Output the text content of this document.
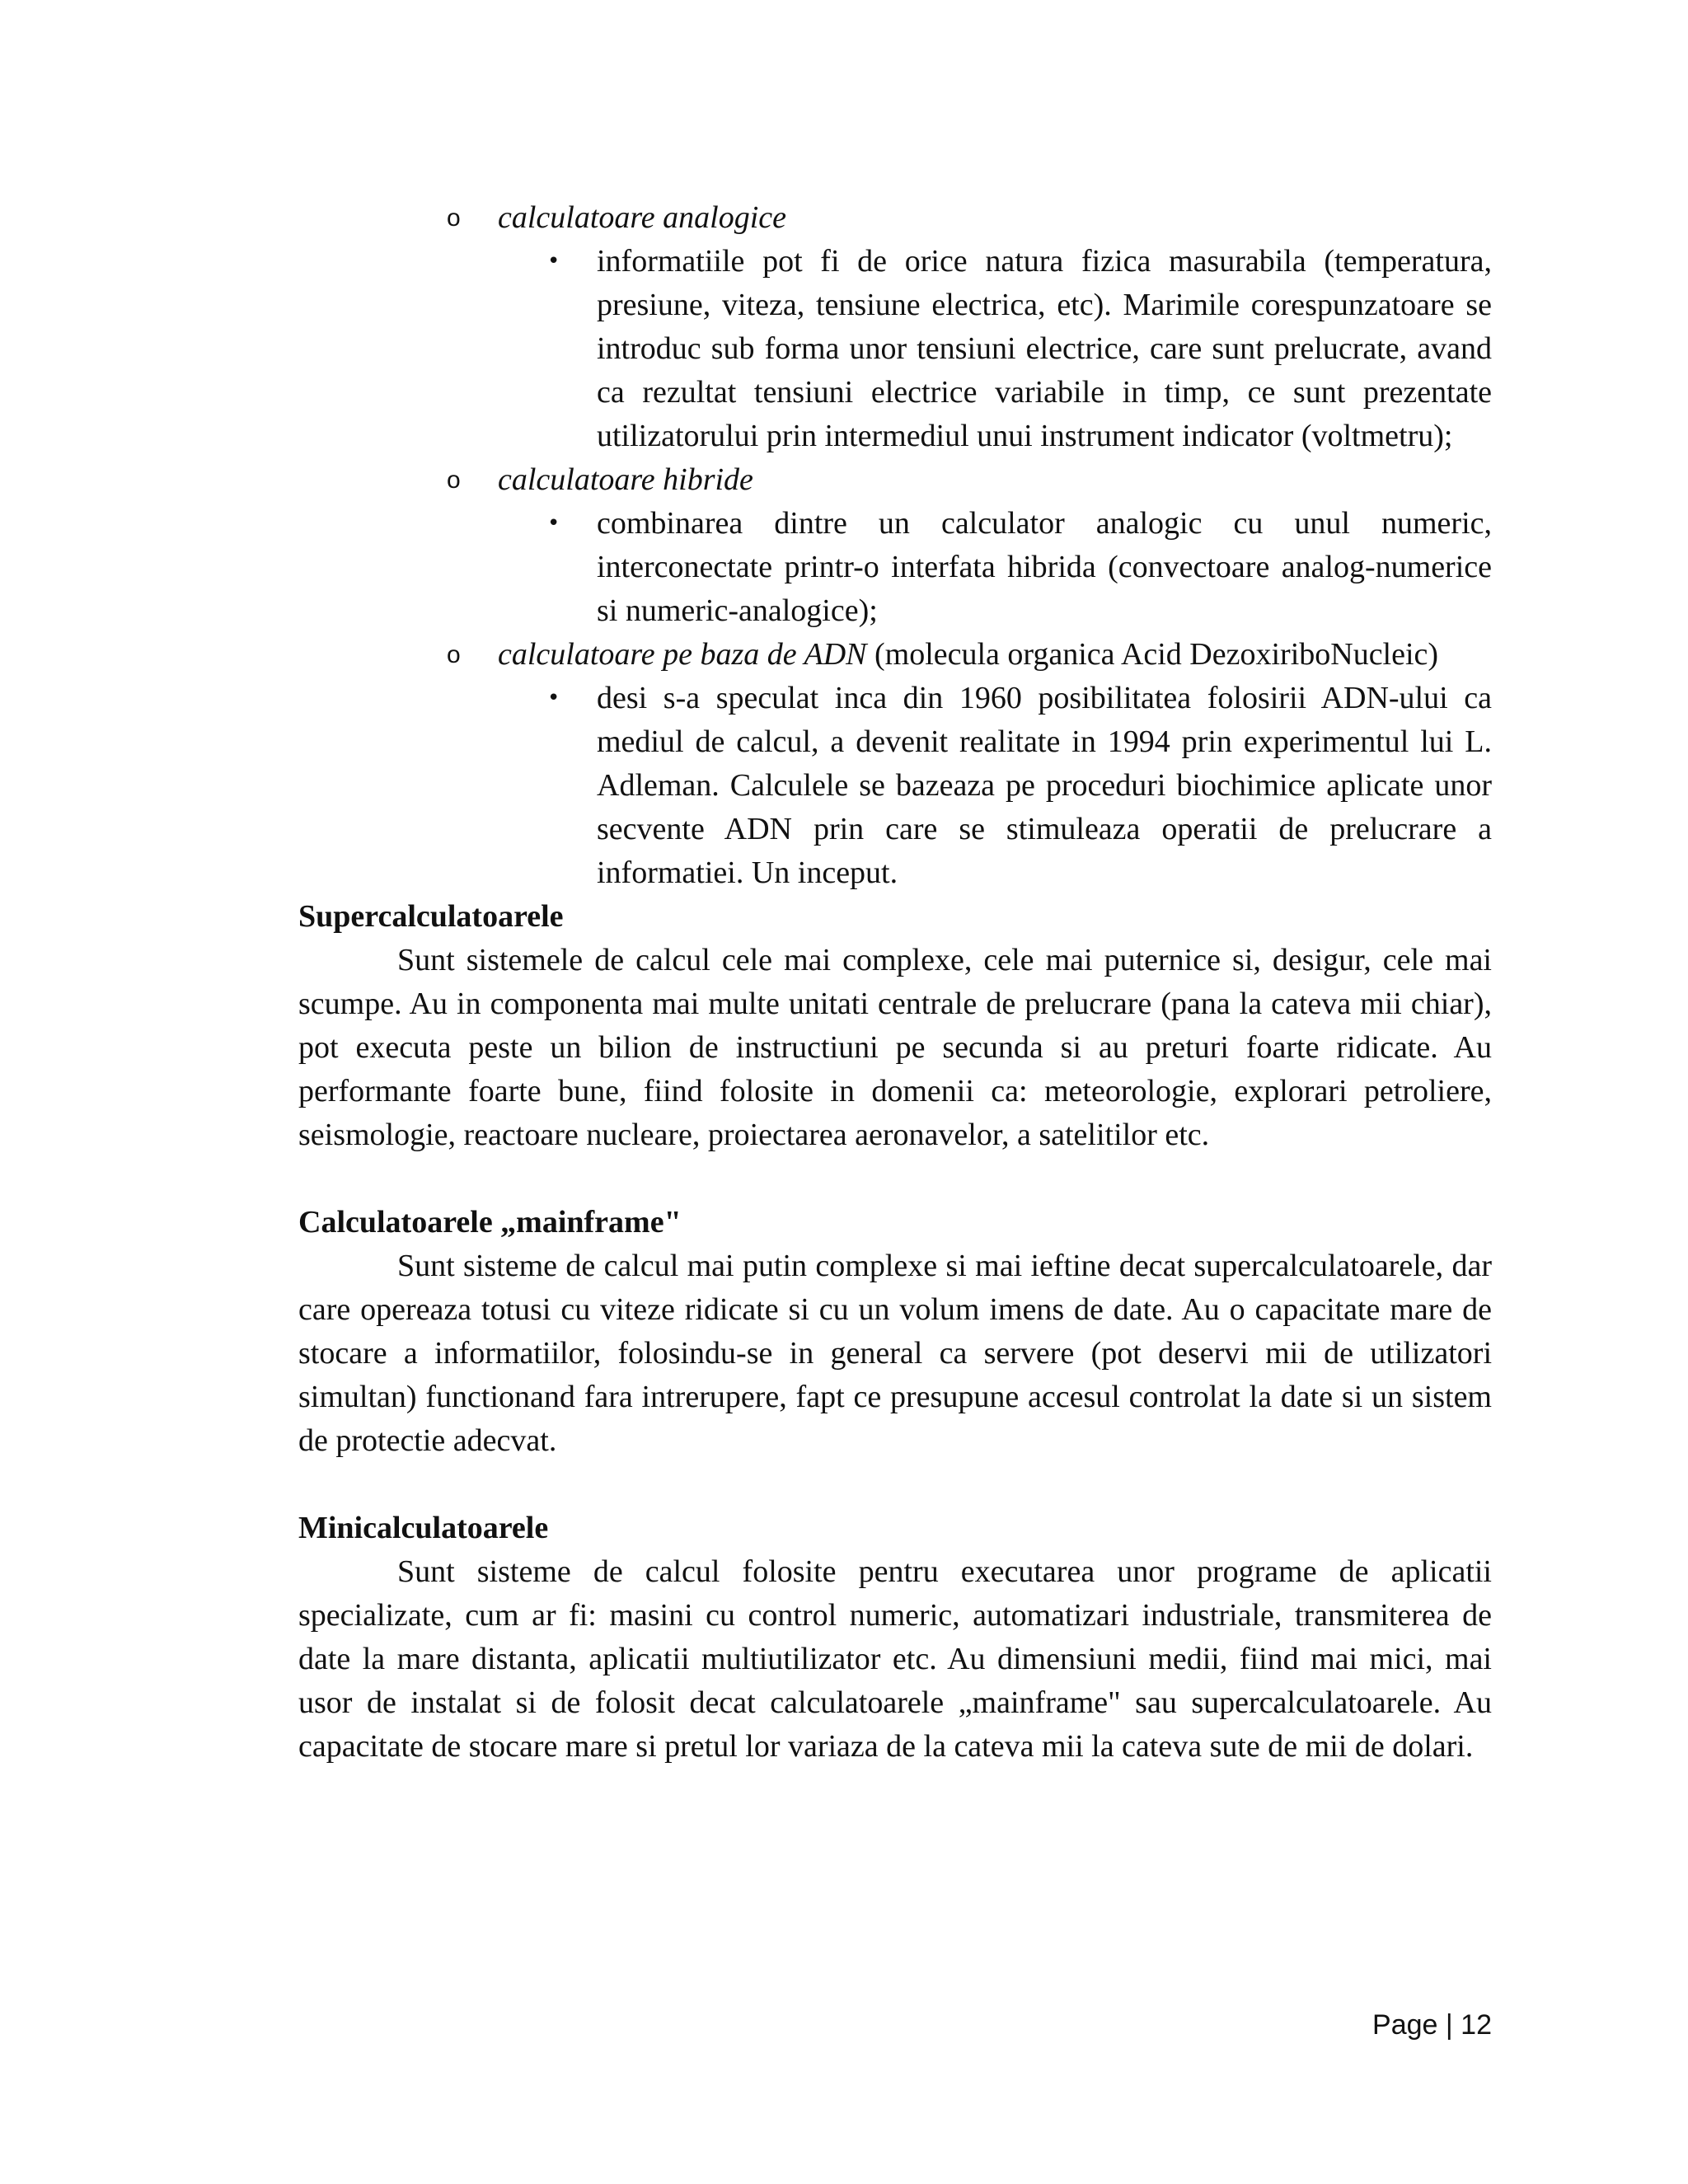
o calculatoare analogice
• informatiile pot fi de orice natura fizica masurabila (temperatura, presiune, viteza, tensiune electrica, etc). Marimile corespunzatoare se introduc sub forma unor tensiuni electrice, care sunt prelucrate, avand ca rezultat tensiuni electrice variabile in timp, ce sunt prezentate utilizatorului prin intermediul unui instrument indicator (voltmetru);
o calculatoare hibride
• combinarea dintre un calculator analogic cu unul numeric, interconectate printr-o interfata hibrida (convectoare analog-numerice si numeric-analogice);
o calculatoare pe baza de ADN (molecula organica Acid DezoxiriboNucleic)
• desi s-a speculat inca din 1960 posibilitatea folosirii ADN-ului ca mediul de calcul, a devenit realitate in 1994 prin experimentul lui L. Adleman. Calculele se bazeaza pe proceduri biochimice aplicate unor secvente ADN prin care se stimuleaza operatii de prelucrare a informatiei. Un inceput.
Supercalculatoarele
Sunt sistemele de calcul cele mai complexe, cele mai puternice si, desigur, cele mai scumpe. Au in componenta mai multe unitati centrale de prelucrare (pana la cateva mii chiar), pot executa peste un bilion de instructiuni pe secunda si au preturi foarte ridicate. Au performante foarte bune, fiind folosite in domenii ca: meteorologie, explorari petroliere, seismologie, reactoare nucleare, proiectarea aeronavelor, a satelitilor etc.
Calculatoarele „mainframe"
Sunt sisteme de calcul mai putin complexe si mai ieftine decat supercalculatoarele, dar care opereaza totusi cu viteze ridicate si cu un volum imens de date. Au o capacitate mare de stocare a informatiilor, folosindu-se in general ca servere (pot deservi mii de utilizatori simultan) functionand fara intrerupere, fapt ce presupune accesul controlat la date si un sistem de protectie adecvat.
Minicalculatoarele
Sunt sisteme de calcul folosite pentru executarea unor programe de aplicatii specializate, cum ar fi: masini cu control numeric, automatizari industriale, transmiterea de date la mare distanta, aplicatii multiutilizator etc. Au dimensiuni medii, fiind mai mici, mai usor de instalat si de folosit decat calculatoarele „mainframe" sau supercalculatoarele. Au capacitate de stocare mare si pretul lor variaza de la cateva mii la cateva sute de mii de dolari.
Page | 12
